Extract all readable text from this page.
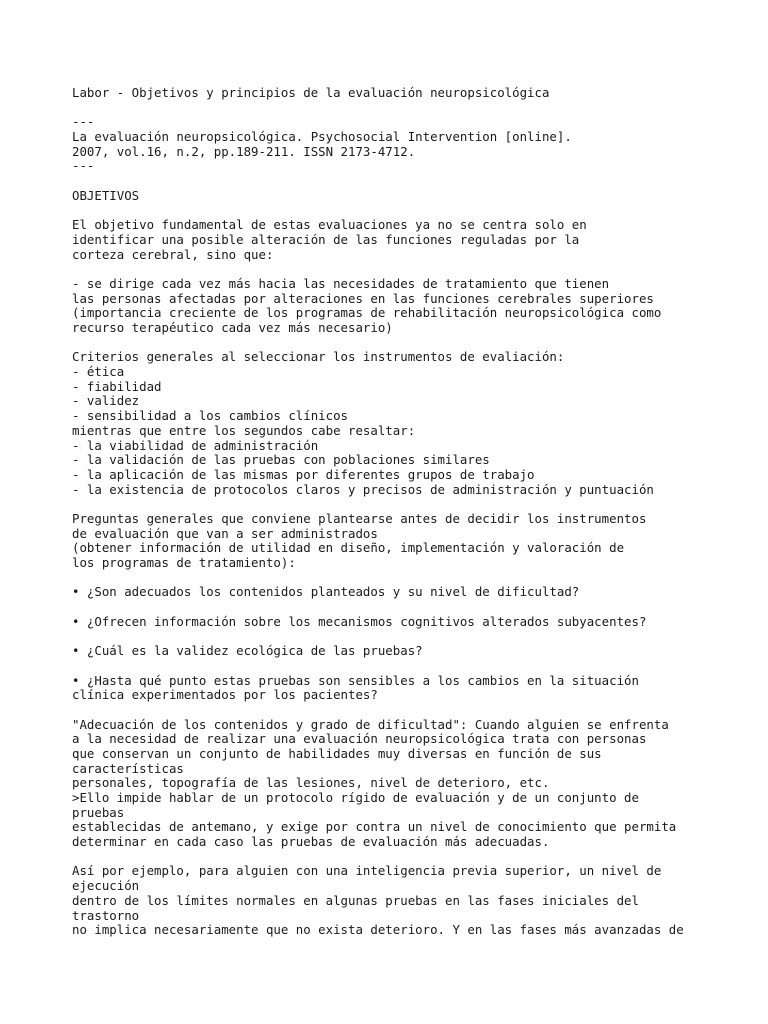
Labor - Objetivos y principios de la evaluación neuropsicológica
---
La evaluación neuropsicológica. Psychosocial Intervention [online].
2007, vol.16, n.2, pp.189-211. ISSN 2173-4712.
---
OBJETIVOS
El objetivo fundamental de estas evaluaciones ya no se centra solo en
identificar una posible alteración de las funciones reguladas por la
corteza cerebral, sino que:
- se dirige cada vez más hacia las necesidades de tratamiento que tienen
las personas afectadas por alteraciones en las funciones cerebrales superiores
(importancia creciente de los programas de rehabilitación neuropsicológica como
recurso terapéutico cada vez más necesario)
Criterios generales al seleccionar los instrumentos de evaliación:
- ética
- fiabilidad
- validez
- sensibilidad a los cambios clínicos
mientras que entre los segundos cabe resaltar:
- la viabilidad de administración
- la validación de las pruebas con poblaciones similares
- la aplicación de las mismas por diferentes grupos de trabajo
- la existencia de protocolos claros y precisos de administración y puntuación
Preguntas generales que conviene plantearse antes de decidir los instrumentos
de evaluación que van a ser administrados
(obtener información de utilidad en diseño, implementación y valoración de
los programas de tratamiento):
• ¿Son adecuados los contenidos planteados y su nivel de dificultad?
• ¿Ofrecen información sobre los mecanismos cognitivos alterados subyacentes?
• ¿Cuál es la validez ecológica de las pruebas?
• ¿Hasta qué punto estas pruebas son sensibles a los cambios en la situación
clínica experimentados por los pacientes?
"Adecuación de los contenidos y grado de dificultad": Cuando alguien se enfrenta
a la necesidad de realizar una evaluación neuropsicológica trata con personas
que conservan un conjunto de habilidades muy diversas en función de sus
características
personales, topografía de las lesiones, nivel de deterioro, etc.
>Ello impide hablar de un protocolo rígido de evaluación y de un conjunto de
pruebas
establecidas de antemano, y exige por contra un nivel de conocimiento que permita
determinar en cada caso las pruebas de evaluación más adecuadas.
Así por ejemplo, para alguien con una inteligencia previa superior, un nivel de
ejecución
dentro de los límites normales en algunas pruebas en las fases iniciales del
trastorno
no implica necesariamente que no exista deterioro. Y en las fases más avanzadas de
